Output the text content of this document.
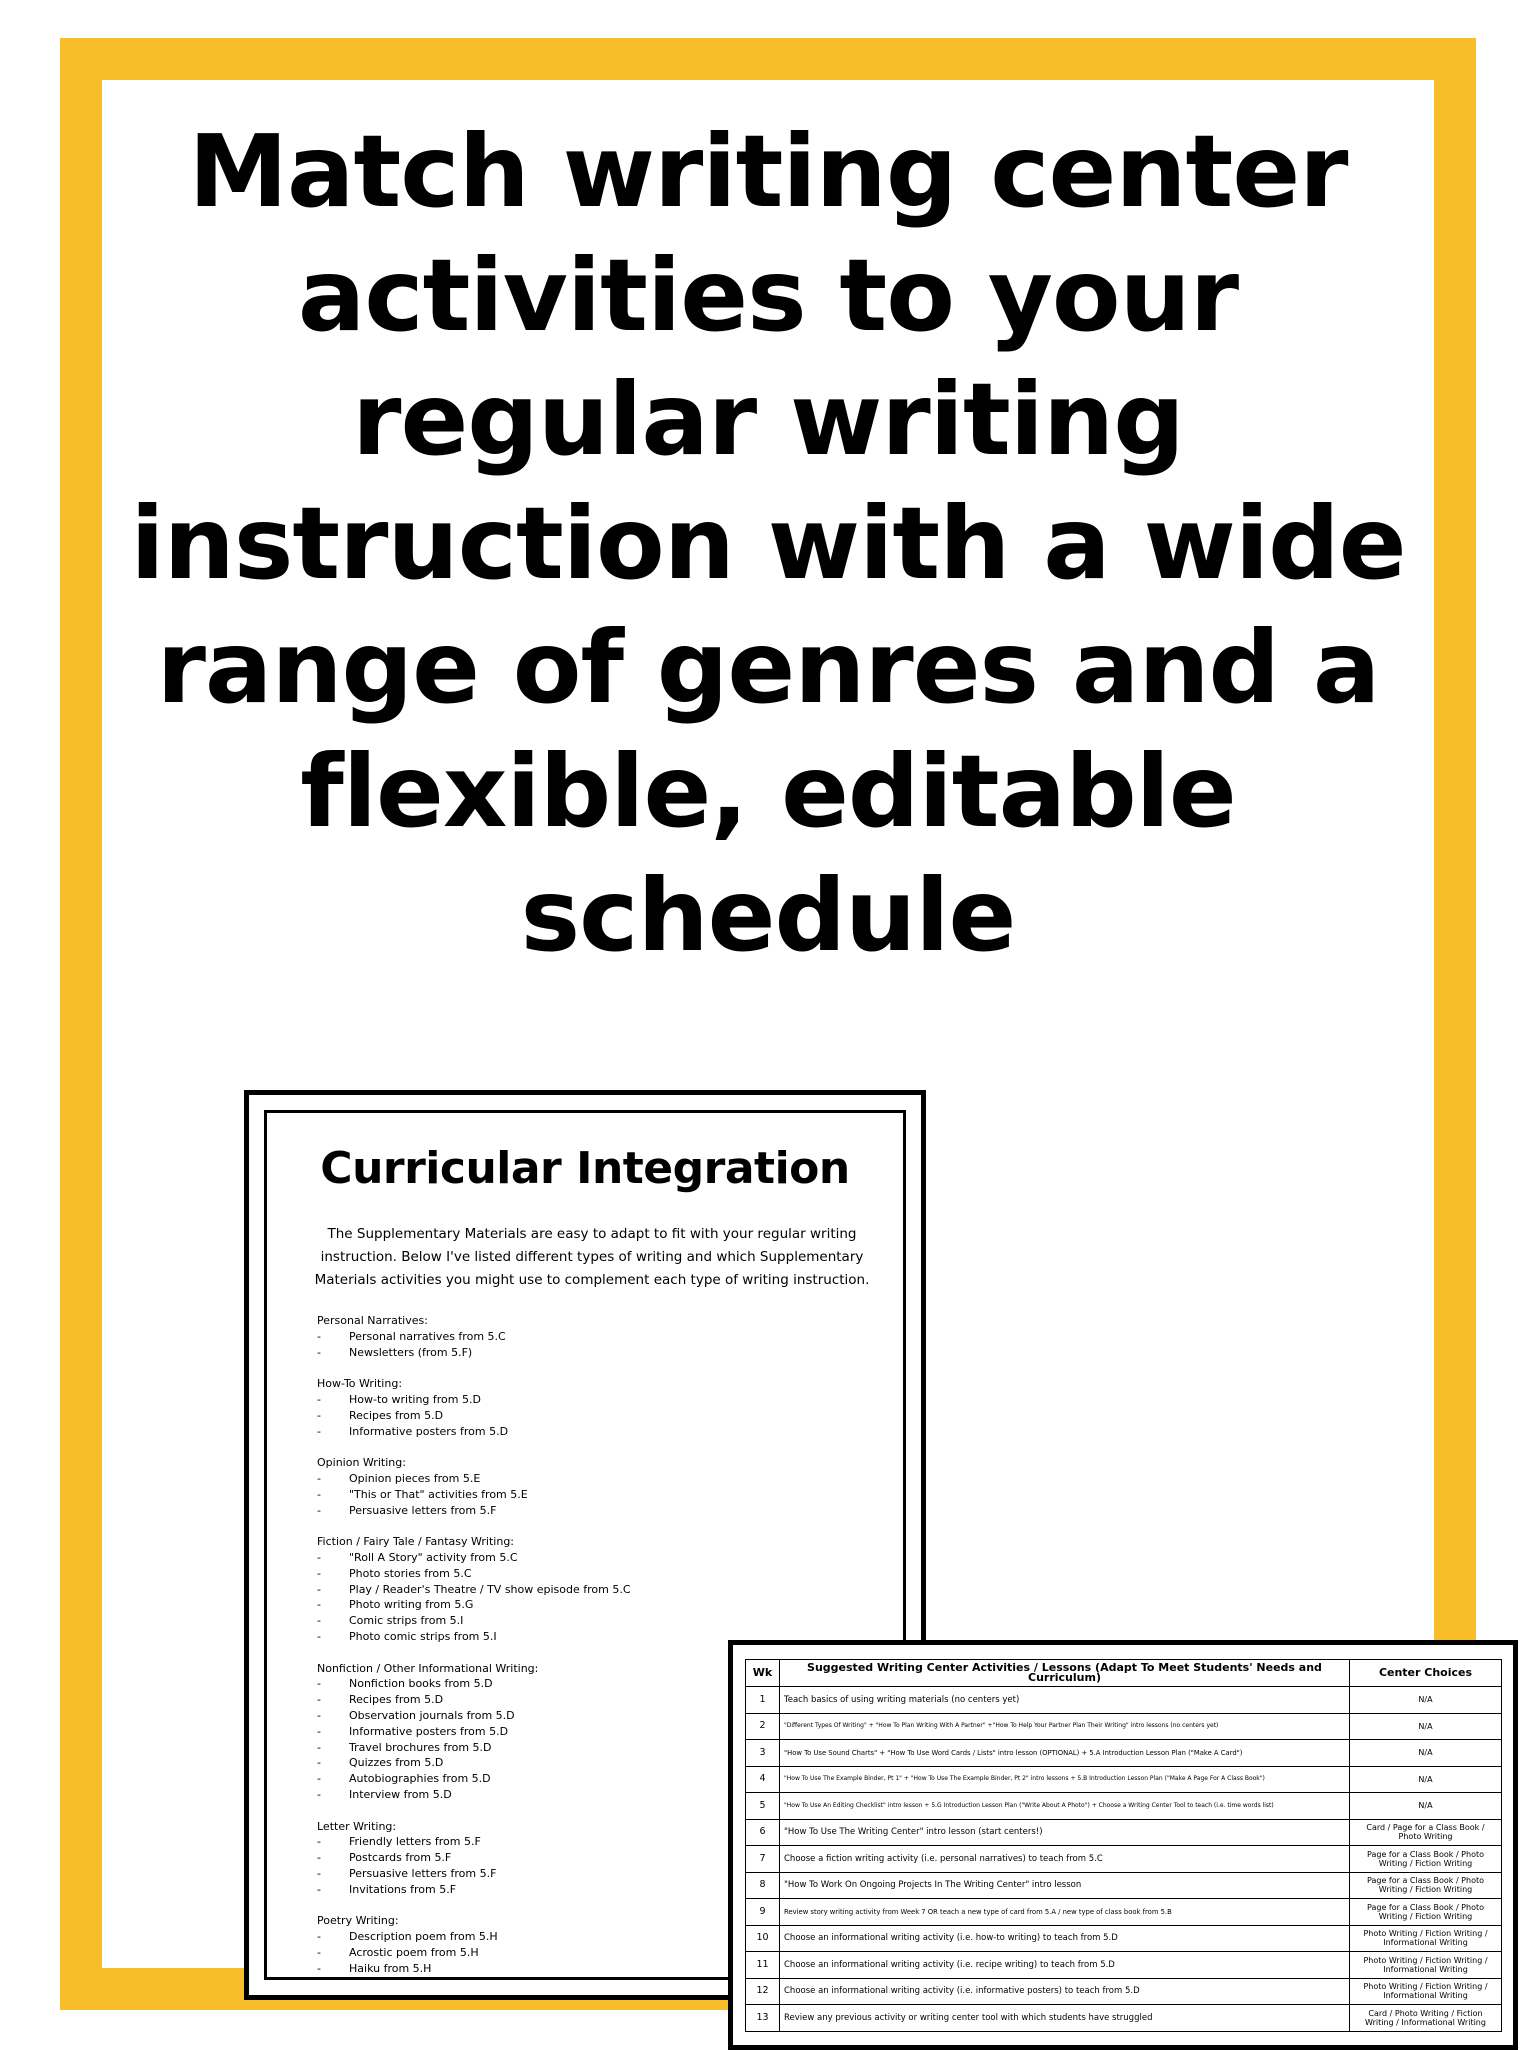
Match writing center
activities to your
regular writing
instruction with a wide
range of genres and a
flexible, editable
schedule
Curricular Integration

The Supplementary Materials are easy to adapt to fit with your regular writing instruction. Below I've listed different types of writing and which Supplementary Materials activities you might use to complement each type of writing instruction.

Personal Narratives:
- Personal narratives from 5.C
- Newsletters (from 5.F)
How-To Writing:
- How-to writing from 5.D
- Recipes from 5.D
- Informative posters from 5.D
Opinion Writing:
- Opinion pieces from 5.E
- "This or That" activities from 5.E
- Persuasive letters from 5.F
Fiction / Fairy Tale / Fantasy Writing:
- "Roll A Story" activity from 5.C
- Photo stories from 5.C
- Play / Reader's Theatre / TV show episode from 5.C
- Photo writing from 5.G
- Comic strips from 5.I
- Photo comic strips from 5.I
Nonfiction / Other Informational Writing:
- Nonfiction books from 5.D
- Recipes from 5.D
- Observation journals from 5.D
- Informative posters from 5.D
- Travel brochures from 5.D
- Quizzes from 5.D
- Autobiographies from 5.D
- Interview from 5.D
Letter Writing:
- Friendly letters from 5.F
- Postcards from 5.F
- Persuasive letters from 5.F
- Invitations from 5.F
Poetry Writing:
- Description poem from 5.H
- Acrostic poem from 5.H
- Haiku from 5.H
Wk	Suggested Writing Center Activities / Lessons (Adapt To Meet Students' Needs and Curriculum)	Center Choices
1	Teach basics of using writing materials (no centers yet)	N/A
2	"Different Types Of Writing" + "How To Plan Writing With A Partner" +"How To Help Your Partner Plan Their Writing" intro lessons (no centers yet)	N/A
3	"How To Use Sound Charts" + "How To Use Word Cards / Lists" intro lesson (OPTIONAL) + 5.A Introduction Lesson Plan ("Make A Card")	N/A
4	"How To Use The Example Binder, Pt 1" + "How To Use The Example Binder, Pt 2" intro lessons + 5.B Introduction Lesson Plan ("Make A Page For A Class Book")	N/A
5	"How To Use An Editing Checklist" intro lesson + 5.G Introduction Lesson Plan ("Write About A Photo") + Choose a Writing Center Tool to teach (i.e. time words list)	N/A
6	"How To Use The Writing Center" intro lesson (start centers!)	Card / Page for a Class Book / Photo Writing
7	Choose a fiction writing activity (i.e. personal narratives) to teach from 5.C	Page for a Class Book / Photo Writing / Fiction Writing
8	"How To Work On Ongoing Projects In The Writing Center" intro lesson	Page for a Class Book / Photo Writing / Fiction Writing
9	Review story writing activity from Week 7 OR teach a new type of card from 5.A / new type of class book from 5.B	Page for a Class Book / Photo Writing / Fiction Writing
10	Choose an informational writing activity (i.e. how-to writing) to teach from 5.D	Photo Writing / Fiction Writing / Informational Writing
11	Choose an informational writing activity (i.e. recipe writing) to teach from 5.D	Photo Writing / Fiction Writing / Informational Writing
12	Choose an informational writing activity (i.e. informative posters) to teach from 5.D	Photo Writing / Fiction Writing / Informational Writing
13	Review any previous activity or writing center tool with which students have struggled	Card / Photo Writing / Fiction Writing / Informational Writing
